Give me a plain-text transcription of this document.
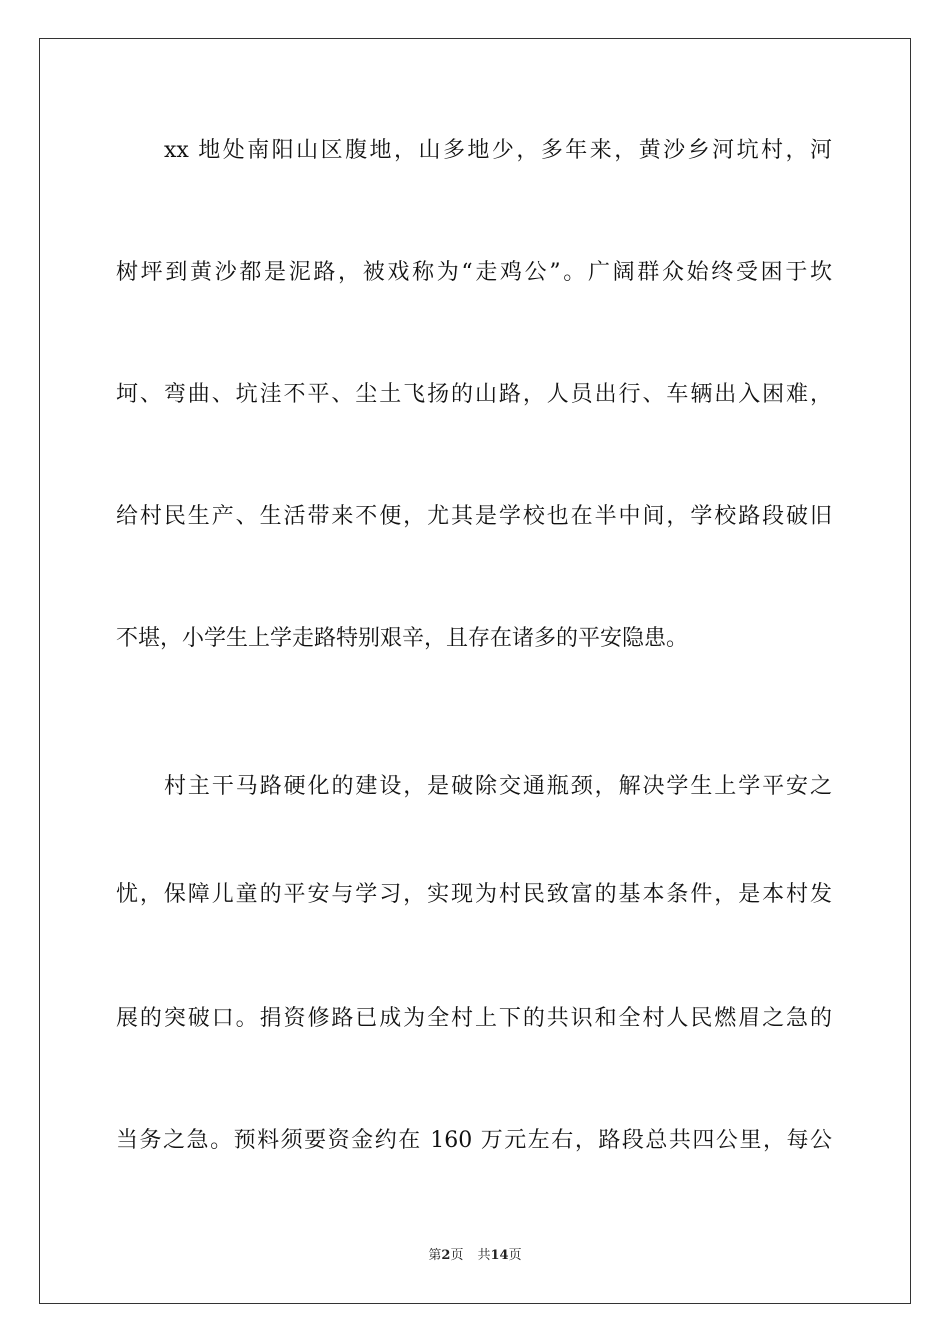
xx 地处南阳山区腹地，山多地少，多年来，黄沙乡河坑村，河
树坪到黄沙都是泥路，被戏称为“走鸡公”。广阔群众始终受困于坎
坷、弯曲、坑洼不平、尘土飞扬的山路，人员出行、车辆出入困难，
给村民生产、生活带来不便，尤其是学校也在半中间，学校路段破旧
不堪，小学生上学走路特别艰辛，且存在诸多的平安隐患。
村主干马路硬化的建设，是破除交通瓶颈，解决学生上学平安之
忧，保障儿童的平安与学习，实现为村民致富的基本条件，是本村发
展的突破口。捐资修路已成为全村上下的共识和全村人民燃眉之急的
当务之急。预料须要资金约在 160 万元左右，路段总共四公里，每公
第2页 共14页
